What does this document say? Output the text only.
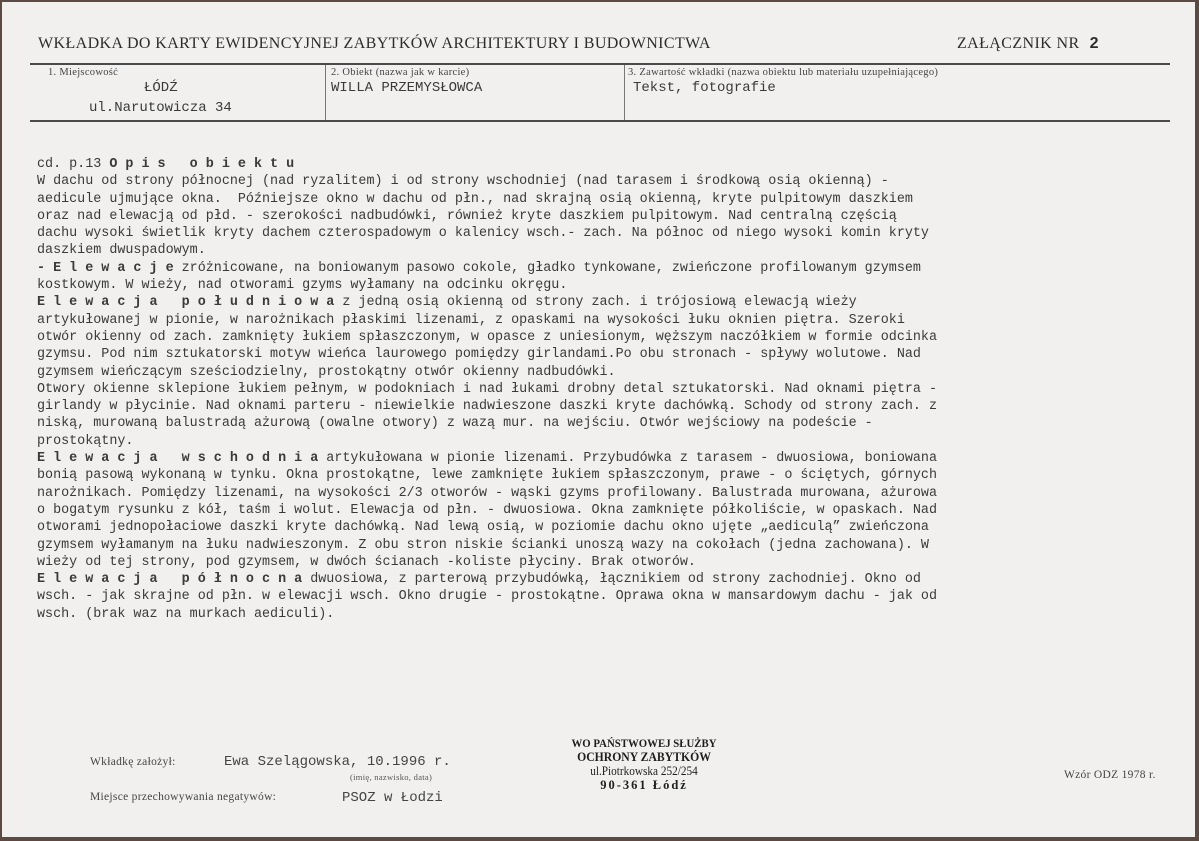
WKŁADKA DO KARTY EWIDENCYJNEJ ZABYTKÓW ARCHITEKTURY I BUDOWNICTWA	ZAŁĄCZNIK NR 2
1. Miejscowość
ŁÓDŹ
ul.Narutowicza 34
2. Obiekt (nazwa jak w karcie)
WILLA PRZEMYSŁOWCA
3. Zawartość wkładki (nazwa obiektu lub materiału uzupełniającego)
Tekst, fotografie
cd. p.13 O p i s   o b i e k t u
W dachu od strony północnej (nad ryzalitem) i od strony wschodniej (nad tarasem i środkową osią okienną) -
aedicule ujmujące okna.  Późniejsze okno w dachu od płn., nad skrajną osią okienną, kryte pulpitowym daszkiem
oraz nad elewacją od płd. - szerokości nadbudówki, również kryte daszkiem pulpitowym. Nad centralną częścią
dachu wysoki świetlik kryty dachem czterospadowym o kalenicy wsch.- zach. Na północ od niego wysoki komin kryty
daszkiem dwuspadowym.
- E l e w a c j e zróżnicowane, na boniowanym pasowo cokole, gładko tynkowane, zwieńczone profilowanym gzymsem
kostkowym. W wieży, nad otworami gzyms wyłamany na odcinku okręgu.
E l e w a c j a   p o ł u d n i o w a z jedną osią okienną od strony zach. i trójosiową elewacją wieży
artykułowanej w pionie, w narożnikach płaskimi lizenami, z opaskami na wysokości łuku oknien piętra. Szeroki
otwór okienny od zach. zamknięty łukiem spłaszczonym, w opasce z uniesionym, węższym naczółkiem w formie odcinka
gzymsu. Pod nim sztukatorski motyw wieńca laurowego pomiędzy girlandami.Po obu stronach - spływy wolutowe. Nad
gzymsem wieńczącym sześciodzielny, prostokątny otwór okienny nadbudówki.
Otwory okienne sklepione łukiem pełnym, w podokniach i nad łukami drobny detal sztukatorski. Nad oknami piętra -
girlandy w płycinie. Nad oknami parteru - niewielkie nadwieszone daszki kryte dachówką. Schody od strony zach. z
niską, murowaną balustradą ażurową (owalne otwory) z wazą mur. na wejściu. Otwór wejściowy na podeście -
prostokątny.
E l e w a c j a   w s c h o d n i a artykułowana w pionie lizenami. Przybudówka z tarasem - dwuosiowa, boniowana
bonią pasową wykonaną w tynku. Okna prostokątne, lewe zamknięte łukiem spłaszczonym, prawe - o ściętych, górnych
narożnikach. Pomiędzy lizenami, na wysokości 2/3 otworów - wąski gzyms profilowany. Balustrada murowana, ażurowa
o bogatym rysunku z kół, taśm i wolut. Elewacja od płn. - dwuosiowa. Okna zamknięte półkoliście, w opaskach. Nad
otworami jednopołaciowe daszki kryte dachówką. Nad lewą osią, w poziomie dachu okno ujęte „aediculą” zwieńczona
gzymsem wyłamanym na łuku nadwieszonym. Z obu stron niskie ścianki unoszą wazy na cokołach (jedna zachowana). W
wieży od tej strony, pod gzymsem, w dwóch ścianach -koliste płyciny. Brak otworów.
E l e w a c j a   p ó ł n o c n a dwuosiowa, z parterową przybudówką, łącznikiem od strony zachodniej. Okno od
wsch. - jak skrajne od płn. w elewacji wsch. Okno drugie - prostokątne. Oprawa okna w mansardowym dachu - jak od
wsch. (brak waz na murkach aediculi).
Wkładkę założył:	Ewa Szelągowska, 10.1996 r.
(imię, nazwisko, data)
Miejsce przechowywania negatywów:	PSOZ w Łodzi
WO PAŃSTWOWEJ SŁUŻBY
OCHRONY ZABYTKÓW
ul.Piotrkowska 252/254
90-361 Łódź
Wzór ODZ 1978 r.
